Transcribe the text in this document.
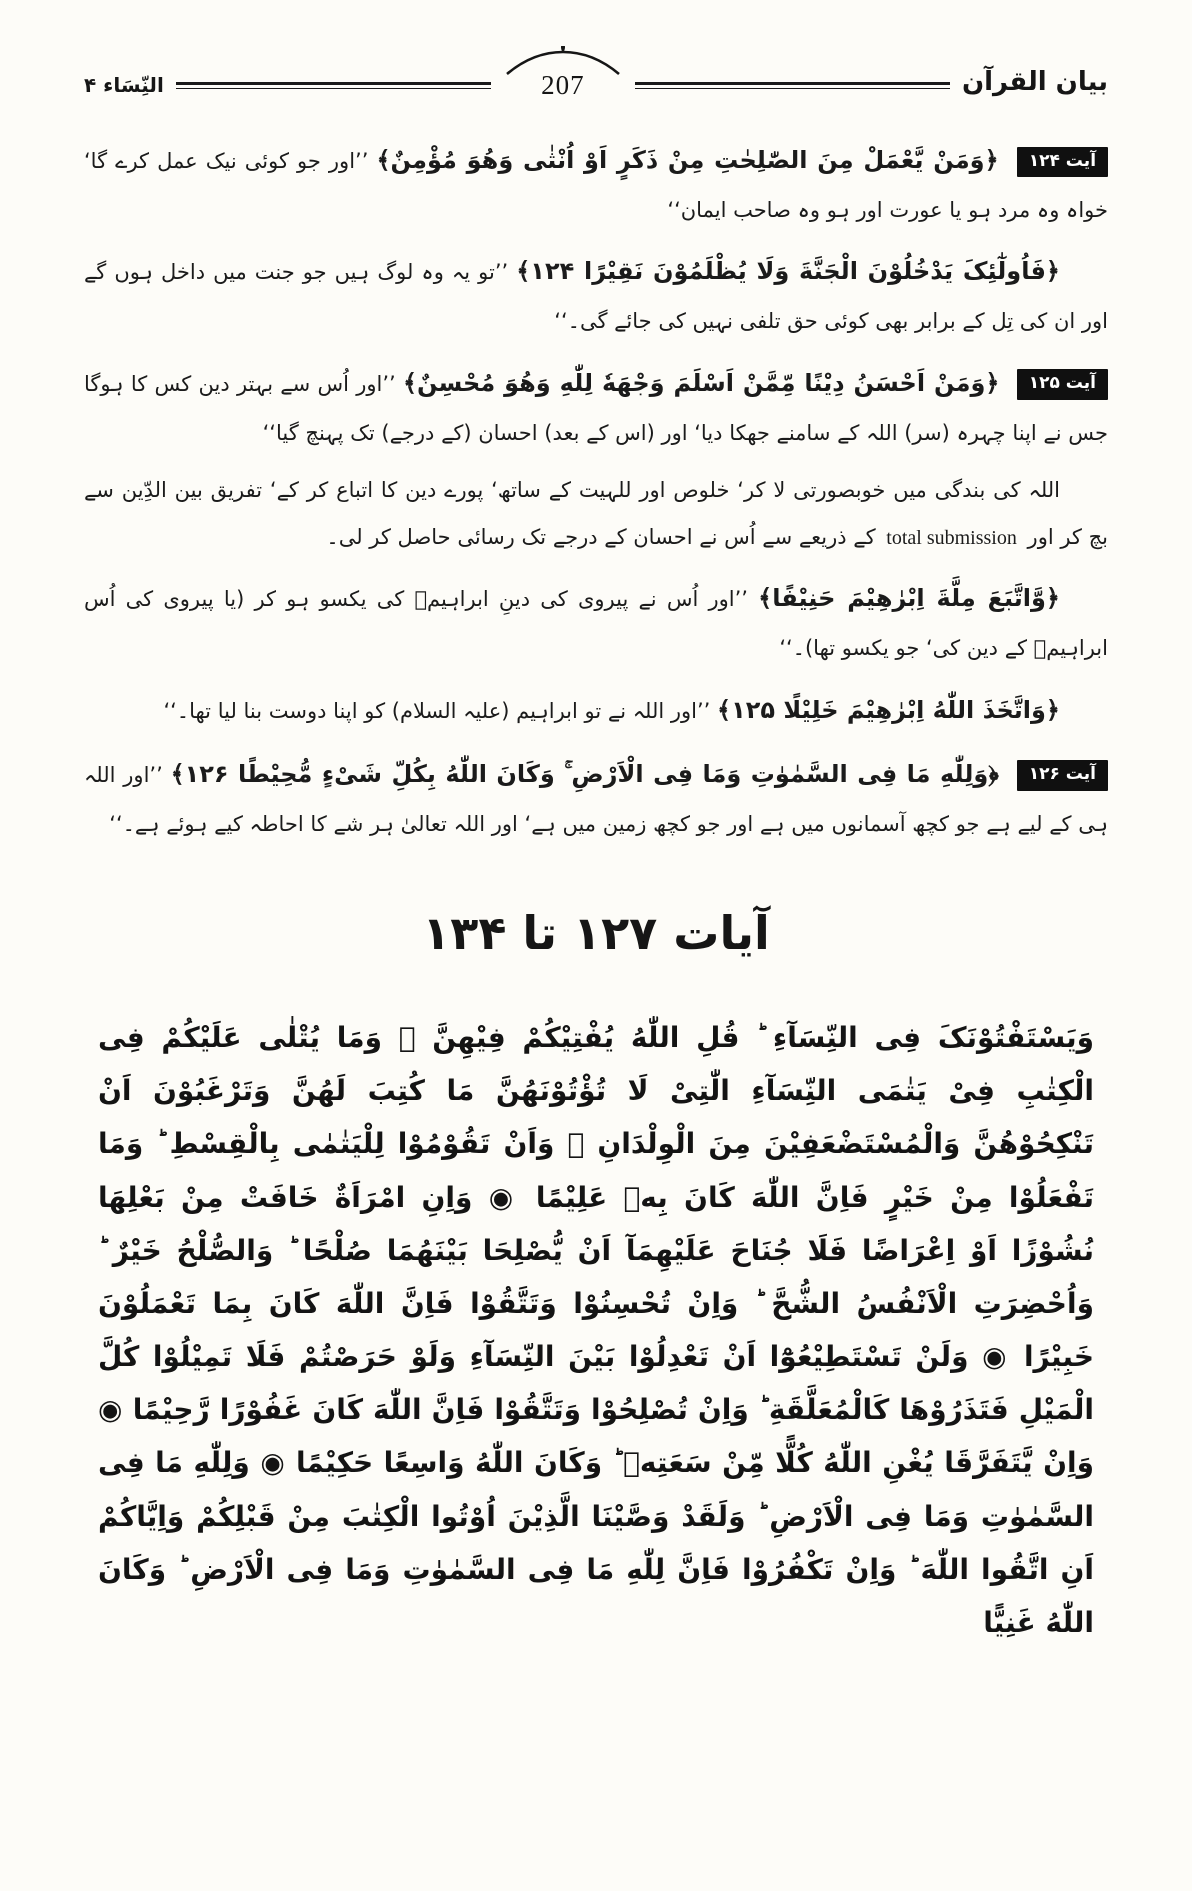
النِّسَاء ۴	207	بیان القرآن

آیت ۱۲۴ ﴿وَمَنْ یَّعْمَلْ مِنَ الصّٰلِحٰتِ مِنْ ذَکَرٍ اَوْ اُنْثٰی وَهُوَ مُؤْمِنٌ﴾ ’’اور جو کوئی نیک عمل کرے گا‘ خواہ وہ مرد ہو یا عورت اور ہو وہ صاحب ایمان‘‘

﴿فَاُولٰٓئِکَ یَدْخُلُوْنَ الْجَنَّةَ وَلَا یُظْلَمُوْنَ نَقِیْرًا ۱۲۴﴾ ’’تو یہ وہ لوگ ہیں جو جنت میں داخل ہوں گے اور ان کی تِل کے برابر بھی کوئی حق تلفی نہیں کی جائے گی۔‘‘

آیت ۱۲۵ ﴿وَمَنْ اَحْسَنُ دِیْنًا مِّمَّنْ اَسْلَمَ وَجْهَهٗ لِلّٰهِ وَهُوَ مُحْسِنٌ﴾ ’’اور اُس سے بہتر دین کس کا ہوگا جس نے اپنا چہرہ (سر) اللہ کے سامنے جھکا دیا‘ اور (اس کے بعد) احسان (کے درجے) تک پہنچ گیا‘‘

اللہ کی بندگی میں خوبصورتی لا کر‘ خلوص اور للہیت کے ساتھ‘ پورے دین کا اتباع کر کے‘ تفریق بین الدِّین سے بچ کر اور total submission کے ذریعے سے اُس نے احسان کے درجے تک رسائی حاصل کر لی۔

﴿وَّاتَّبَعَ مِلَّةَ اِبْرٰهِیْمَ حَنِیْفًا﴾ ’’اور اُس نے پیروی کی دینِ ابراہیمؑ کی یکسو ہو کر (یا پیروی کی اُس ابراہیمؑ کے دین کی‘ جو یکسو تھا)۔‘‘

﴿وَاتَّخَذَ اللّٰهُ اِبْرٰهِیْمَ خَلِیْلًا ۱۲۵﴾ ’’اور اللہ نے تو ابراہیم (علیہ السلام) کو اپنا دوست بنا لیا تھا۔‘‘

آیت ۱۲۶ ﴿وَلِلّٰهِ مَا فِی السَّمٰوٰتِ وَمَا فِی الْاَرْضِ ۚ وَکَانَ اللّٰهُ بِکُلِّ شَیْءٍ مُّحِیْطًا ۱۲۶﴾ ’’اور اللہ ہی کے لیے ہے جو کچھ آسمانوں میں ہے اور جو کچھ زمین میں ہے‘ اور اللہ تعالیٰ ہر شے کا احاطہ کیے ہوئے ہے۔‘‘

آیات ۱۲۷ تا ۱۳۴
وَیَسْتَفْتُوْنَکَ فِی النِّسَآءِ ؕ قُلِ اللّٰهُ یُفْتِیْکُمْ فِیْهِنَّ ۙ وَمَا یُتْلٰی عَلَیْکُمْ فِی الْکِتٰبِ فِیْ یَتٰمَی النِّسَآءِ الّٰتِیْ لَا تُؤْتُوْنَهُنَّ مَا کُتِبَ لَهُنَّ وَتَرْغَبُوْنَ اَنْ تَنْکِحُوْهُنَّ وَالْمُسْتَضْعَفِیْنَ مِنَ الْوِلْدَانِ ۙ وَاَنْ تَقُوْمُوْا لِلْیَتٰمٰی بِالْقِسْطِ ؕ وَمَا تَفْعَلُوْا مِنْ خَیْرٍ فَاِنَّ اللّٰهَ کَانَ بِهٖ عَلِیْمًا ◉ وَاِنِ امْرَاَةٌ خَافَتْ مِنْ بَعْلِهَا نُشُوْزًا اَوْ اِعْرَاضًا فَلَا جُنَاحَ عَلَیْهِمَآ اَنْ یُّصْلِحَا بَیْنَهُمَا صُلْحًا ؕ وَالصُّلْحُ خَیْرٌ ؕ وَاُحْضِرَتِ الْاَنْفُسُ الشُّحَّ ؕ وَاِنْ تُحْسِنُوْا وَتَتَّقُوْا فَاِنَّ اللّٰهَ کَانَ بِمَا تَعْمَلُوْنَ خَبِیْرًا ◉ وَلَنْ تَسْتَطِیْعُوْٓا اَنْ تَعْدِلُوْا بَیْنَ النِّسَآءِ وَلَوْ حَرَصْتُمْ فَلَا تَمِیْلُوْا کُلَّ الْمَیْلِ فَتَذَرُوْهَا کَالْمُعَلَّقَةِ ؕ وَاِنْ تُصْلِحُوْا وَتَتَّقُوْا فَاِنَّ اللّٰهَ کَانَ غَفُوْرًا رَّحِیْمًا ◉ وَاِنْ یَّتَفَرَّقَا یُغْنِ اللّٰهُ کُلًّا مِّنْ سَعَتِهٖ ؕ وَکَانَ اللّٰهُ وَاسِعًا حَکِیْمًا ◉ وَلِلّٰهِ مَا فِی السَّمٰوٰتِ وَمَا فِی الْاَرْضِ ؕ وَلَقَدْ وَصَّیْنَا الَّذِیْنَ اُوْتُوا الْکِتٰبَ مِنْ قَبْلِکُمْ وَاِیَّاکُمْ اَنِ اتَّقُوا اللّٰهَ ؕ وَاِنْ تَکْفُرُوْا فَاِنَّ لِلّٰهِ مَا فِی السَّمٰوٰتِ وَمَا فِی الْاَرْضِ ؕ وَکَانَ اللّٰهُ غَنِیًّا
